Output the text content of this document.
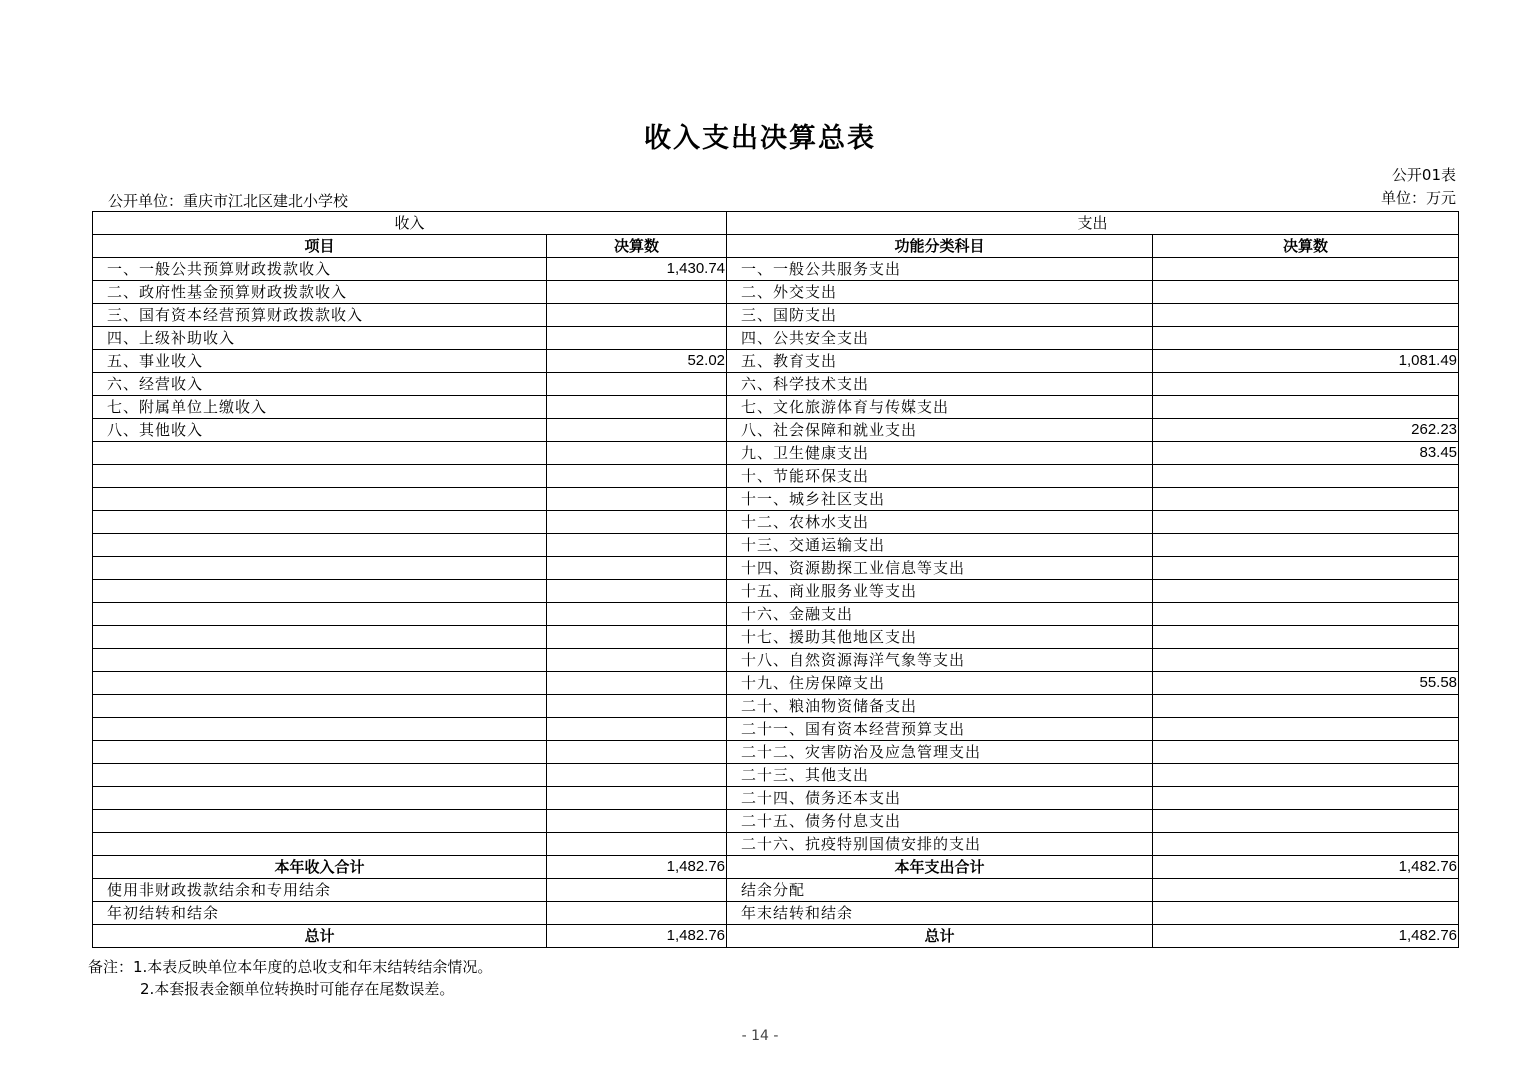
收入支出决算总表
公开01表
单位：万元
公开单位：重庆市江北区建北小学校
收入		支出	
项目	决算数	功能分类科目	决算数
一、一般公共预算财政拨款收入	1,430.74	一、一般公共服务支出	
二、政府性基金预算财政拨款收入		二、外交支出	
三、国有资本经营预算财政拨款收入		三、国防支出	
四、上级补助收入		四、公共安全支出	
五、事业收入	52.02	五、教育支出	1,081.49
六、经营收入		六、科学技术支出	
七、附属单位上缴收入		七、文化旅游体育与传媒支出	
八、其他收入		八、社会保障和就业支出	262.23
		九、卫生健康支出	83.45
		十、节能环保支出	
		十一、城乡社区支出	
		十二、农林水支出	
		十三、交通运输支出	
		十四、资源勘探工业信息等支出	
		十五、商业服务业等支出	
		十六、金融支出	
		十七、援助其他地区支出	
		十八、自然资源海洋气象等支出	
		十九、住房保障支出	55.58
		二十、粮油物资储备支出	
		二十一、国有资本经营预算支出	
		二十二、灾害防治及应急管理支出	
		二十三、其他支出	
		二十四、债务还本支出	
		二十五、债务付息支出	
		二十六、抗疫特别国债安排的支出	
本年收入合计	1,482.76	本年支出合计	1,482.76
使用非财政拨款结余和专用结余		结余分配	
年初结转和结余		年末结转和结余	
总计	1,482.76	总计	1,482.76
备注：1.本表反映单位本年度的总收支和年末结转结余情况。
2.本套报表金额单位转换时可能存在尾数误差。
- 14 -
